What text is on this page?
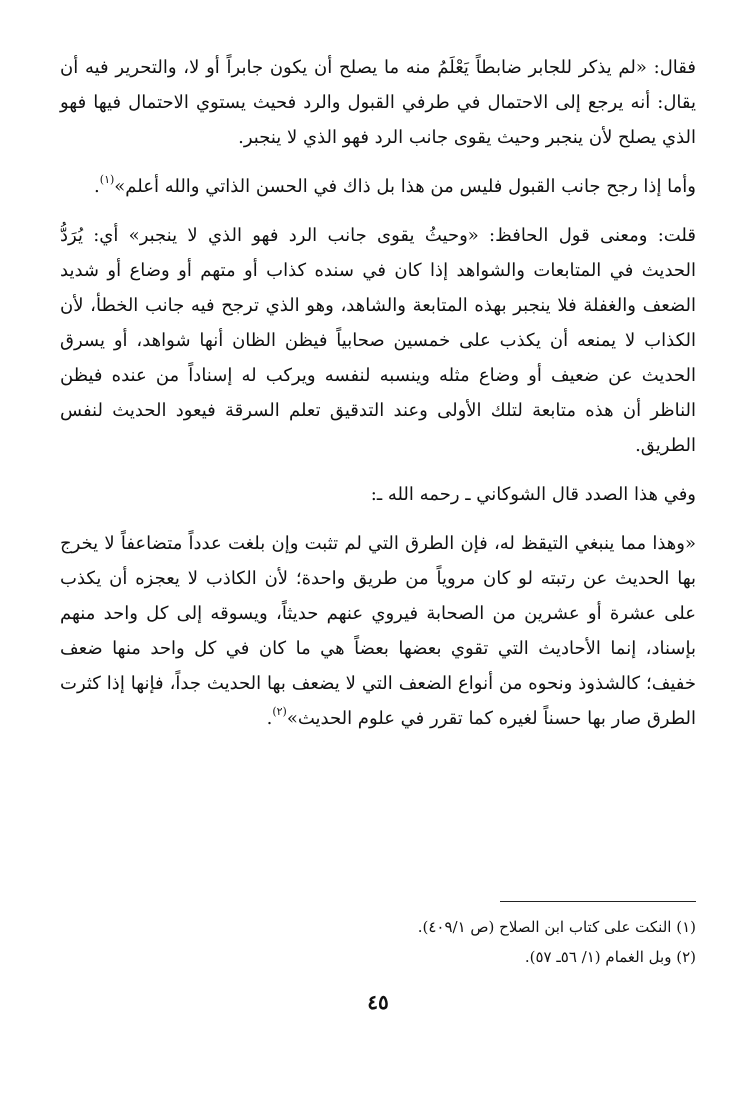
فقال: «لم يذكر للجابر ضابطاً يَعْلَمُ منه ما يصلح أن يكون جابراً أو لا، والتحرير فيه أن يقال: أنه يرجع إلى الاحتمال في طرفي القبول والرد فحيث يستوي الاحتمال فيها فهو الذي يصلح لأن ينجبر وحيث يقوى جانب الرد فهو الذي لا ينجبر.

وأما إذا رجح جانب القبول فليس من هذا بل ذاك في الحسن الذاتي والله أعلم»$^{(١)}$.

قلت: ومعنى قول الحافظ: «وحيثُ يقوى جانب الرد فهو الذي لا ينجبر» أي: يُرَدُّ الحديث في المتابعات والشواهد إذا كان في سنده كذاب أو متهم أو وضاع أو شديد الضعف والغفلة فلا ينجبر بهذه المتابعة والشاهد، وهو الذي ترجح فيه جانب الخطأ، لأن الكذاب لا يمنعه أن يكذب على خمسين صحابياً فيظن الظان أنها شواهد، أو يسرق الحديث عن ضعيف أو وضاع مثله وينسبه لنفسه ويركب له إسناداً من عنده فيظن الناظر أن هذه متابعة لتلك الأولى وعند التدقيق تعلم السرقة فيعود الحديث لنفس الطريق.

وفي هذا الصدد قال الشوكاني ـ رحمه الله ـ:

«وهذا مما ينبغي التيقظ له، فإن الطرق التي لم تثبت وإن بلغت عدداً متضاعفاً لا يخرج بها الحديث عن رتبته لو كان مروياً من طريق واحدة؛ لأن الكاذب لا يعجزه أن يكذب على عشرة أو عشرين من الصحابة فيروي عنهم حديثاً، ويسوقه إلى كل واحد منهم بإسناد، إنما الأحاديث التي تقوي بعضها بعضاً هي ما كان في كل واحد منها ضعف خفيف؛ كالشذوذ ونحوه من أنواع الضعف التي لا يضعف بها الحديث جداً، فإنها إذا كثرت الطرق صار بها حسناً لغيره كما تقرر في علوم الحديث»$^{(٢)}$.

(١) النكت على كتاب ابن الصلاح (ص ٤٠٩/١).

(٢) وبل الغمام (١/ ٥٦ـ ٥٧).

٤٥
